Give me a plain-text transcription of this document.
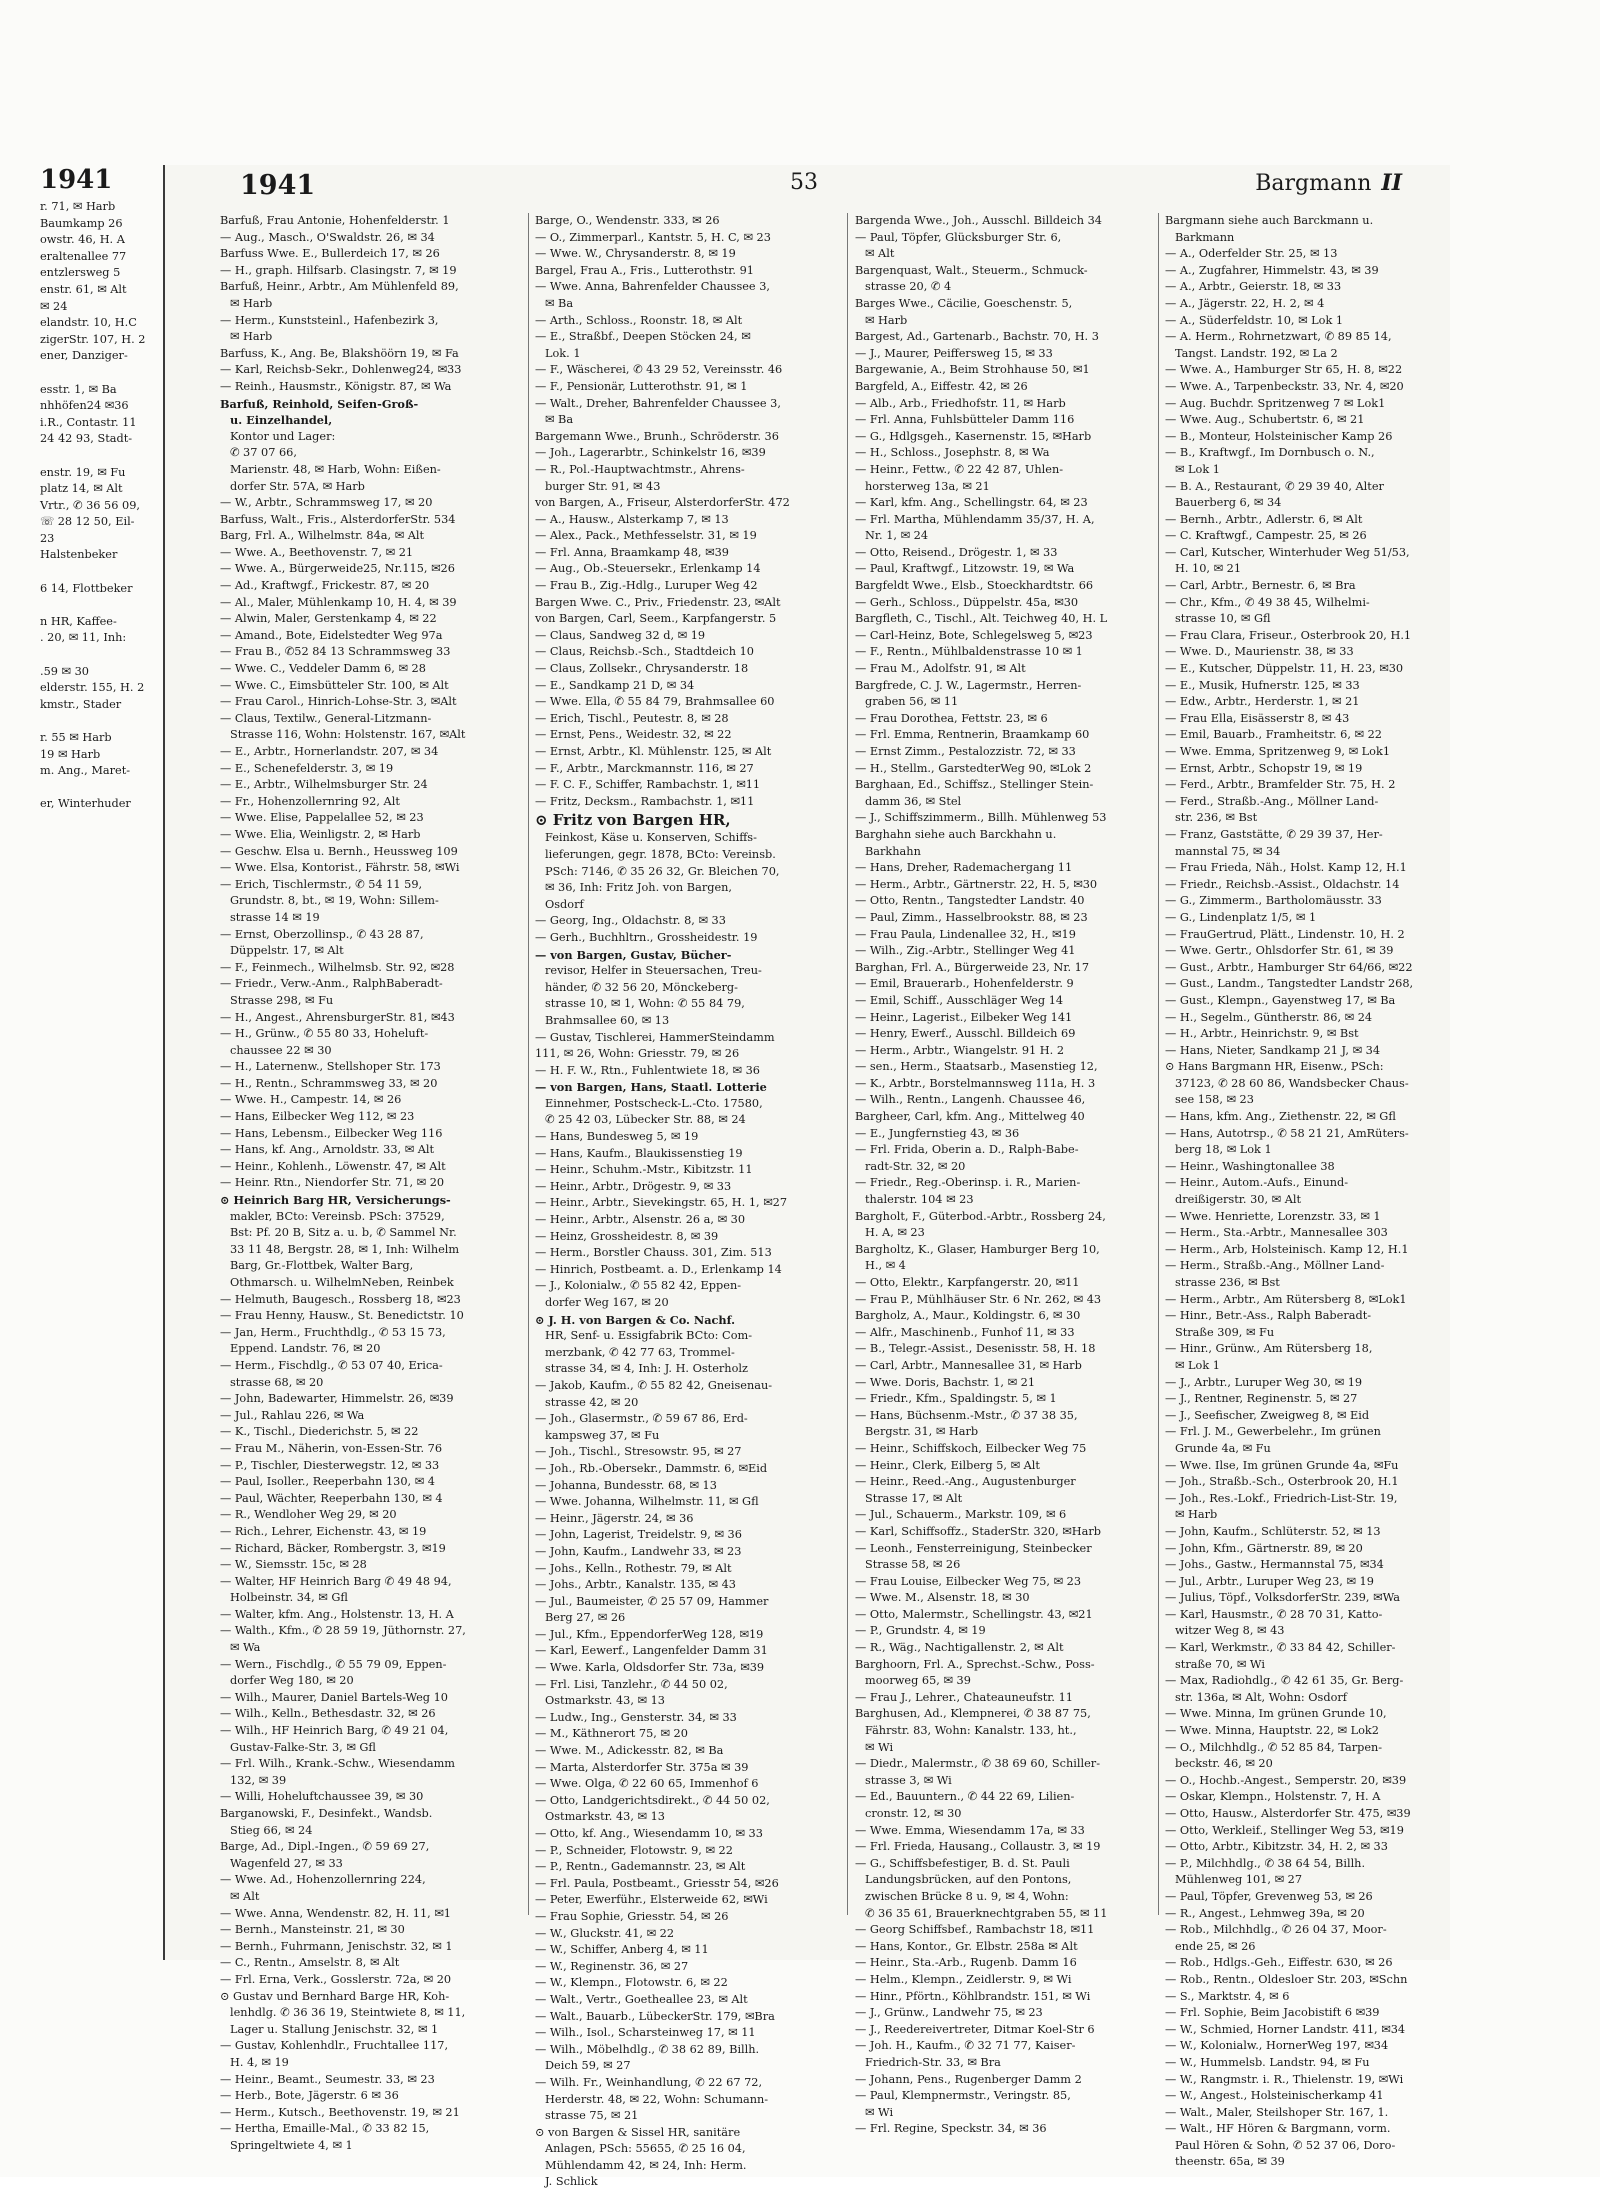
1941
r. 71, ✉ Harb
Baumkamp 26
owstr. 46, H. A
eraltenallee 77
entzlersweg 5
enstr. 61, ✉ Alt
✉ 24
elandstr. 10, H.C
zigerStr. 107, H. 2
ener, Danziger-

esstr. 1, ✉ Ba
nhhöfen24 ✉36
i.R., Contastr. 11
24 42 93, Stadt-

enstr. 19, ✉ Fu
platz 14, ✉ Alt
Vrtr., ✆ 36 56 09,
☏ 28 12 50, Eil-
23
Halstenbeker

6 14, Flottbeker

n HR, Kaffee-
. 20, ✉ 11, Inh:

.59 ✉ 30
elderstr. 155, H. 2
kmstr., Stader

r. 55 ✉ Harb
19 ✉ Harb
m. Ang., Maret-

er, Winterhuder
1941	53	Bargmann II
Barfuß, Frau Antonie, Hohenfelderstr. 1
— Aug., Masch., O'Swaldstr. 26, ✉ 34
Barfuss Wwe. E., Bullerdeich 17, ✉ 26
— H., graph. Hilfsarb. Clasingstr. 7, ✉ 19
Barfuß, Heinr., Arbtr., Am Mühlenfeld 89,
✉ Harb
— Herm., Kunststeinl., Hafenbezirk 3,
✉ Harb
Barfuss, K., Ang. Be, Blakshöörn 19, ✉ Fa
— Karl, Reichsb-Sekr., Dohlenweg24, ✉33
— Reinh., Hausmstr., Königstr. 87, ✉ Wa
Barfuß, Reinhold, Seifen-Groß-
u. Einzelhandel,
Kontor und Lager:
✆ 37 07 66,
Marienstr. 48, ✉ Harb, Wohn: Eißen-
dorfer Str. 57A, ✉ Harb
— W., Arbtr., Schrammsweg 17, ✉ 20
Barfuss, Walt., Fris., AlsterdorferStr. 534
Barg, Frl. A., Wilhelmstr. 84a, ✉ Alt
— Wwe. A., Beethovenstr. 7, ✉ 21
— Wwe. A., Bürgerweide25, Nr.115, ✉26
— Ad., Kraftwgf., Frickestr. 87, ✉ 20
— Al., Maler, Mühlenkamp 10, H. 4, ✉ 39
— Alwin, Maler, Gerstenkamp 4, ✉ 22
— Amand., Bote, Eidelstedter Weg 97a
— Frau B., ✆52 84 13 Schrammsweg 33
— Wwe. C., Veddeler Damm 6, ✉ 28
— Wwe. C., Eimsbütteler Str. 100, ✉ Alt
— Frau Carol., Hinrich-Lohse-Str. 3, ✉Alt
— Claus, Textilw., General-Litzmann-
Strasse 116, Wohn: Holstenstr. 167, ✉Alt
— E., Arbtr., Hornerlandstr. 207, ✉ 34
— E., Schenefelderstr. 3, ✉ 19
— E., Arbtr., Wilhelmsburger Str. 24
— Fr., Hohenzollernring 92, Alt
— Wwe. Elise, Pappelallee 52, ✉ 23
— Wwe. Elia, Weinligstr. 2, ✉ Harb
— Geschw. Elsa u. Bernh., Heussweg 109
— Wwe. Elsa, Kontorist., Fährstr. 58, ✉Wi
— Erich, Tischlermstr., ✆ 54 11 59,
Grundstr. 8, bt., ✉ 19, Wohn: Sillem-
strasse 14 ✉ 19
— Ernst, Oberzollinsp., ✆ 43 28 87,
Düppelstr. 17, ✉ Alt
— F., Feinmech., Wilhelmsb. Str. 92, ✉28
— Friedr., Verw.-Anm., RalphBaberadt-
Strasse 298, ✉ Fu
— H., Angest., AhrensburgerStr. 81, ✉43
— H., Grünw., ✆ 55 80 33, Hoheluft-
chaussee 22 ✉ 30
— H., Laternenw., Stellshoper Str. 173
— H., Rentn., Schrammsweg 33, ✉ 20
— Wwe. H., Campestr. 14, ✉ 26
— Hans, Eilbecker Weg 112, ✉ 23
— Hans, Lebensm., Eilbecker Weg 116
— Hans, kf. Ang., Arnoldstr. 33, ✉ Alt
— Heinr., Kohlenh., Löwenstr. 47, ✉ Alt
— Heinr. Rtn., Niendorfer Str. 71, ✉ 20
⊙ Heinrich Barg HR, Versicherungs-
makler, BCto: Vereinsb. PSch: 37529,
Bst: Pf. 20 B, Sitz a. u. b, ✆ Sammel Nr.
33 11 48, Bergstr. 28, ✉ 1, Inh: Wilhelm
Barg, Gr.-Flottbek, Walter Barg,
Othmarsch. u. WilhelmNeben, Reinbek
— Helmuth, Baugesch., Rossberg 18, ✉23
— Frau Henny, Hausw., St. Benedictstr. 10
— Jan, Herm., Fruchthdlg., ✆ 53 15 73,
Eppend. Landstr. 76, ✉ 20
— Herm., Fischdlg., ✆ 53 07 40, Erica-
strasse 68, ✉ 20
— John, Badewarter, Himmelstr. 26, ✉39
— Jul., Rahlau 226, ✉ Wa
— K., Tischl., Diederichstr. 5, ✉ 22
— Frau M., Näherin, von-Essen-Str. 76
— P., Tischler, Diesterwegstr. 12, ✉ 33
— Paul, Isoller., Reeperbahn 130, ✉ 4
— Paul, Wächter, Reeperbahn 130, ✉ 4
— R., Wendloher Weg 29, ✉ 20
— Rich., Lehrer, Eichenstr. 43, ✉ 19
— Richard, Bäcker, Rombergstr. 3, ✉19
— W., Siemsstr. 15c, ✉ 28
— Walter, HF Heinrich Barg ✆ 49 48 94,
Holbeinstr. 34, ✉ Gfl
— Walter, kfm. Ang., Holstenstr. 13, H. A
— Walth., Kfm., ✆ 28 59 19, Jüthornstr. 27,
✉ Wa
— Wern., Fischdlg., ✆ 55 79 09, Eppen-
dorfer Weg 180, ✉ 20
— Wilh., Maurer, Daniel Bartels-Weg 10
— Wilh., Kelln., Bethesdastr. 32, ✉ 26
— Wilh., HF Heinrich Barg, ✆ 49 21 04,
Gustav-Falke-Str. 3, ✉ Gfl
— Frl. Wilh., Krank.-Schw., Wiesendamm
132, ✉ 39
— Willi, Hoheluftchaussee 39, ✉ 30
Barganowski, F., Desinfekt., Wandsb.
Stieg 66, ✉ 24
Barge, Ad., Dipl.-Ingen., ✆ 59 69 27,
Wagenfeld 27, ✉ 33
— Wwe. Ad., Hohenzollernring 224,
✉ Alt
— Wwe. Anna, Wendenstr. 82, H. 11, ✉1
— Bernh., Mansteinstr. 21, ✉ 30
— Bernh., Fuhrmann, Jenischstr. 32, ✉ 1
— C., Rentn., Amselstr. 8, ✉ Alt
— Frl. Erna, Verk., Gosslerstr. 72a, ✉ 20
⊙ Gustav und Bernhard Barge HR, Koh-
lenhdlg. ✆ 36 36 19, Steintwiete 8, ✉ 11,
Lager u. Stallung Jenischstr. 32, ✉ 1
— Gustav, Kohlenhdlr., Fruchtallee 117,
H. 4, ✉ 19
— Heinr., Beamt., Seumestr. 33, ✉ 23
— Herb., Bote, Jägerstr. 6 ✉ 36
— Herm., Kutsch., Beethovenstr. 19, ✉ 21
— Hertha, Emaille-Mal., ✆ 33 82 15,
Springeltwiete 4, ✉ 1
Barge, O., Wendenstr. 333, ✉ 26
— O., Zimmerparl., Kantstr. 5, H. C, ✉ 23
— Wwe. W., Chrysanderstr. 8, ✉ 19
Bargel, Frau A., Fris., Lutterothstr. 91
— Wwe. Anna, Bahrenfelder Chaussee 3,
✉ Ba
— Arth., Schloss., Roonstr. 18, ✉ Alt
— E., Straßbf., Deepen Stöcken 24, ✉
Lok. 1
— F., Wäscherei, ✆ 43 29 52, Vereinsstr. 46
— F., Pensionär, Lutterothstr. 91, ✉ 1
— Walt., Dreher, Bahrenfelder Chaussee 3,
✉ Ba
Bargemann Wwe., Brunh., Schröderstr. 36
— Joh., Lagerarbtr., Schinkelstr 16, ✉39
— R., Pol.-Hauptwachtmstr., Ahrens-
burger Str. 91, ✉ 43
von Bargen, A., Friseur, AlsterdorferStr. 472
— A., Hausw., Alsterkamp 7, ✉ 13
— Alex., Pack., Methfesselstr. 31, ✉ 19
— Frl. Anna, Braamkamp 48, ✉39
— Aug., Ob.-Steuersekr., Erlenkamp 14
— Frau B., Zig.-Hdlg., Luruper Weg 42
Bargen Wwe. C., Priv., Friedenstr. 23, ✉Alt
von Bargen, Carl, Seem., Karpfangerstr. 5
— Claus, Sandweg 32 d, ✉ 19
— Claus, Reichsb.-Sch., Stadtdeich 10
— Claus, Zollsekr., Chrysanderstr. 18
— E., Sandkamp 21 D, ✉ 34
— Wwe. Ella, ✆ 55 84 79, Brahmsallee 60
— Erich, Tischl., Peutestr. 8, ✉ 28
— Ernst, Pens., Weidestr. 32, ✉ 22
— Ernst, Arbtr., Kl. Mühlenstr. 125, ✉ Alt
— F., Arbtr., Marckmannstr. 116, ✉ 27
— F. C. F., Schiffer, Rambachstr. 1, ✉11
— Fritz, Decksm., Rambachstr. 1, ✉11
⊙ Fritz von Bargen HR,
Feinkost, Käse u. Konserven, Schiffs-
lieferungen, gegr. 1878, BCto: Vereinsb.
PSch: 7146, ✆ 35 26 32, Gr. Bleichen 70,
✉ 36, Inh: Fritz Joh. von Bargen,
Osdorf
— Georg, Ing., Oldachstr. 8, ✉ 33
— Gerh., Buchhltrn., Grossheidestr. 19
— von Bargen, Gustav, Bücher-
revisor, Helfer in Steuersachen, Treu-
händer, ✆ 32 56 20, Mönckeberg-
strasse 10, ✉ 1, Wohn: ✆ 55 84 79,
Brahmsallee 60, ✉ 13
— Gustav, Tischlerei, HammerSteindamm
111, ✉ 26, Wohn: Griesstr. 79, ✉ 26
— H. F. W., Rtn., Fuhlentwiete 18, ✉ 36
— von Bargen, Hans, Staatl. Lotterie
Einnehmer, Postscheck-L.-Cto. 17580,
✆ 25 42 03, Lübecker Str. 88, ✉ 24
— Hans, Bundesweg 5, ✉ 19
— Hans, Kaufm., Blaukissenstieg 19
— Heinr., Schuhm.-Mstr., Kibitzstr. 11
— Heinr., Arbtr., Drögestr. 9, ✉ 33
— Heinr., Arbtr., Sievekingstr. 65, H. 1, ✉27
— Heinr., Arbtr., Alsenstr. 26 a, ✉ 30
— Heinz, Grossheidestr. 8, ✉ 39
— Herm., Borstler Chauss. 301, Zim. 513
— Hinrich, Postbeamt. a. D., Erlenkamp 14
— J., Kolonialw., ✆ 55 82 42, Eppen-
dorfer Weg 167, ✉ 20
⊙ J. H. von Bargen & Co. Nachf.
HR, Senf- u. Essigfabrik BCto: Com-
merzbank, ✆ 42 77 63, Trommel-
strasse 34, ✉ 4, Inh: J. H. Osterholz
— Jakob, Kaufm., ✆ 55 82 42, Gneisenau-
strasse 42, ✉ 20
— Joh., Glasermstr., ✆ 59 67 86, Erd-
kampsweg 37, ✉ Fu
— Joh., Tischl., Stresowstr. 95, ✉ 27
— Joh., Rb.-Obersekr., Dammstr. 6, ✉Eid
— Johanna, Bundesstr. 68, ✉ 13
— Wwe. Johanna, Wilhelmstr. 11, ✉ Gfl
— Heinr., Jägerstr. 24, ✉ 36
— John, Lagerist, Treidelstr. 9, ✉ 36
— John, Kaufm., Landwehr 33, ✉ 23
— Johs., Kelln., Rothestr. 79, ✉ Alt
— Johs., Arbtr., Kanalstr. 135, ✉ 43
— Jul., Baumeister, ✆ 25 57 09, Hammer
Berg 27, ✉ 26
— Jul., Kfm., EppendorferWeg 128, ✉19
— Karl, Eewerf., Langenfelder Damm 31
— Wwe. Karla, Oldsdorfer Str. 73a, ✉39
— Frl. Lisi, Tanzlehr., ✆ 44 50 02,
Ostmarkstr. 43, ✉ 13
— Ludw., Ing., Gensterstr. 34, ✉ 33
— M., Käthnerort 75, ✉ 20
— Wwe. M., Adickesstr. 82, ✉ Ba
— Marta, Alsterdorfer Str. 375a ✉ 39
— Wwe. Olga, ✆ 22 60 65, Immenhof 6
— Otto, Landgerichtsdirekt., ✆ 44 50 02,
Ostmarkstr. 43, ✉ 13
— Otto, kf. Ang., Wiesendamm 10, ✉ 33
— P., Schneider, Flotowstr. 9, ✉ 22
— P., Rentn., Gademannstr. 23, ✉ Alt
— Frl. Paula, Postbeamt., Griesstr 54, ✉26
— Peter, Ewerführ., Elsterweide 62, ✉Wi
— Frau Sophie, Griesstr. 54, ✉ 26
— W., Gluckstr. 41, ✉ 22
— W., Schiffer, Anberg 4, ✉ 11
— W., Reginenstr. 36, ✉ 27
— W., Klempn., Flotowstr. 6, ✉ 22
— Walt., Vertr., Goetheallee 23, ✉ Alt
— Walt., Bauarb., LübeckerStr. 179, ✉Bra
— Wilh., Isol., Scharsteinweg 17, ✉ 11
— Wilh., Möbelhdlg., ✆ 38 62 89, Billh.
Deich 59, ✉ 27
— Wilh. Fr., Weinhandlung, ✆ 22 67 72,
Herderstr. 48, ✉ 22, Wohn: Schumann-
strasse 75, ✉ 21
⊙ von Bargen & Sissel HR, sanitäre
Anlagen, PSch: 55655, ✆ 25 16 04,
Mühlendamm 42, ✉ 24, Inh: Herm.
J. Schlick
Bargenda Wwe., Joh., Ausschl. Billdeich 34
— Paul, Töpfer, Glücksburger Str. 6,
✉ Alt
Bargenquast, Walt., Steuerm., Schmuck-
strasse 20, ✆ 4
Barges Wwe., Cäcilie, Goeschenstr. 5,
✉ Harb
Bargest, Ad., Gartenarb., Bachstr. 70, H. 3
— J., Maurer, Peiffersweg 15, ✉ 33
Bargewanie, A., Beim Strohhause 50, ✉1
Bargfeld, A., Eiffestr. 42, ✉ 26
— Alb., Arb., Friedhofstr. 11, ✉ Harb
— Frl. Anna, Fuhlsbütteler Damm 116
— G., Hdlgsgeh., Kasernenstr. 15, ✉Harb
— H., Schloss., Josephstr. 8, ✉ Wa
— Heinr., Fettw., ✆ 22 42 87, Uhlen-
horsterweg 13a, ✉ 21
— Karl, kfm. Ang., Schellingstr. 64, ✉ 23
— Frl. Martha, Mühlendamm 35/37, H. A,
Nr. 1, ✉ 24
— Otto, Reisend., Drögestr. 1, ✉ 33
— Paul, Kraftwgf., Litzowstr. 19, ✉ Wa
Bargfeldt Wwe., Elsb., Stoeckhardtstr. 66
— Gerh., Schloss., Düppelstr. 45a, ✉30
Bargfleth, C., Tischl., Alt. Teichweg 40, H. L
— Carl-Heinz, Bote, Schlegelsweg 5, ✉23
— F., Rentn., Mühlbaldenstrasse 10 ✉ 1
— Frau M., Adolfstr. 91, ✉ Alt
Bargfrede, C. J. W., Lagermstr., Herren-
graben 56, ✉ 11
— Frau Dorothea, Fettstr. 23, ✉ 6
— Frl. Emma, Rentnerin, Braamkamp 60
— Ernst Zimm., Pestalozzistr. 72, ✉ 33
— H., Stellm., GarstedterWeg 90, ✉Lok 2
Barghaan, Ed., Schiffsz., Stellinger Stein-
damm 36, ✉ Stel
— J., Schiffszimmerm., Billh. Mühlenweg 53
Barghahn siehe auch Barckhahn u.
Barkhahn
— Hans, Dreher, Rademachergang 11
— Herm., Arbtr., Gärtnerstr. 22, H. 5, ✉30
— Otto, Rentn., Tangstedter Landstr. 40
— Paul, Zimm., Hasselbrookstr. 88, ✉ 23
— Frau Paula, Lindenallee 32, H., ✉19
— Wilh., Zig.-Arbtr., Stellinger Weg 41
Barghan, Frl. A., Bürgerweide 23, Nr. 17
— Emil, Brauerarb., Hohenfelderstr. 9
— Emil, Schiff., Ausschläger Weg 14
— Heinr., Lagerist., Eilbeker Weg 141
— Henry, Ewerf., Ausschl. Billdeich 69
— Herm., Arbtr., Wiangelstr. 91 H. 2
— sen., Herm., Staatsarb., Masenstieg 12,
— K., Arbtr., Borstelmannsweg 111a, H. 3
— Wilh., Rentn., Langenh. Chaussee 46,
Bargheer, Carl, kfm. Ang., Mittelweg 40
— E., Jungfernstieg 43, ✉ 36
— Frl. Frida, Oberin a. D., Ralph-Babe-
radt-Str. 32, ✉ 20
— Friedr., Reg.-Oberinsp. i. R., Marien-
thalerstr. 104 ✉ 23
Bargholt, F., Güterbod.-Arbtr., Rossberg 24,
H. A, ✉ 23
Bargholtz, K., Glaser, Hamburger Berg 10,
H., ✉ 4
— Otto, Elektr., Karpfangerstr. 20, ✉11
— Frau P., Mühlhäuser Str. 6 Nr. 262, ✉ 43
Bargholz, A., Maur., Koldingstr. 6, ✉ 30
— Alfr., Maschinenb., Funhof 11, ✉ 33
— B., Telegr.-Assist., Desenisstr. 58, H. 18
— Carl, Arbtr., Mannesallee 31, ✉ Harb
— Wwe. Doris, Bachstr. 1, ✉ 21
— Friedr., Kfm., Spaldingstr. 5, ✉ 1
— Hans, Büchsenm.-Mstr., ✆ 37 38 35,
Bergstr. 31, ✉ Harb
— Heinr., Schiffskoch, Eilbecker Weg 75
— Heinr., Clerk, Eilberg 5, ✉ Alt
— Heinr., Reed.-Ang., Augustenburger
Strasse 17, ✉ Alt
— Jul., Schauerm., Markstr. 109, ✉ 6
— Karl, Schiffsoffz., StaderStr. 320, ✉Harb
— Leonh., Fensterreinigung, Steinbecker
Strasse 58, ✉ 26
— Frau Louise, Eilbecker Weg 75, ✉ 23
— Wwe. M., Alsenstr. 18, ✉ 30
— Otto, Malermstr., Schellingstr. 43, ✉21
— P., Grundstr. 4, ✉ 19
— R., Wäg., Nachtigallenstr. 2, ✉ Alt
Barghoorn, Frl. A., Sprechst.-Schw., Poss-
moorweg 65, ✉ 39
— Frau J., Lehrer., Chateauneufstr. 11
Barghusen, Ad., Klempnerei, ✆ 38 87 75,
Fährstr. 83, Wohn: Kanalstr. 133, ht.,
✉ Wi
— Diedr., Malermstr., ✆ 38 69 60, Schiller-
strasse 3, ✉ Wi
— Ed., Bauuntern., ✆ 44 22 69, Lilien-
cronstr. 12, ✉ 30
— Wwe. Emma, Wiesendamm 17a, ✉ 33
— Frl. Frieda, Hausang., Collaustr. 3, ✉ 19
— G., Schiffsbefestiger, B. d. St. Pauli
Landungsbrücken, auf den Pontons,
zwischen Brücke 8 u. 9, ✉ 4, Wohn:
✆ 36 35 61, Brauerknechtgraben 55, ✉ 11
— Georg Schiffsbef., Rambachstr 18, ✉11
— Hans, Kontor., Gr. Elbstr. 258a ✉ Alt
— Heinr., Sta.-Arb., Rugenb. Damm 16
— Helm., Klempn., Zeidlerstr. 9, ✉ Wi
— Hinr., Pförtn., Köhlbrandstr. 151, ✉ Wi
— J., Grünw., Landwehr 75, ✉ 23
— J., Reedereivertreter, Ditmar Koel-Str 6
— Joh. H., Kaufm., ✆ 32 71 77, Kaiser-
Friedrich-Str. 33, ✉ Bra
— Johann, Pens., Rugenberger Damm 2
— Paul, Klempnermstr., Veringstr. 85,
✉ Wi
— Frl. Regine, Speckstr. 34, ✉ 36
Bargmann siehe auch Barckmann u.
Barkmann
— A., Oderfelder Str. 25, ✉ 13
— A., Zugfahrer, Himmelstr. 43, ✉ 39
— A., Arbtr., Geierstr. 18, ✉ 33
— A., Jägerstr. 22, H. 2, ✉ 4
— A., Süderfeldstr. 10, ✉ Lok 1
— A. Herm., Rohrnetzwart, ✆ 89 85 14,
Tangst. Landstr. 192, ✉ La 2
— Wwe. A., Hamburger Str 65, H. 8, ✉22
— Wwe. A., Tarpenbeckstr. 33, Nr. 4, ✉20
— Aug. Buchdr. Spritzenweg 7 ✉ Lok1
— Wwe. Aug., Schubertstr. 6, ✉ 21
— B., Monteur, Holsteinischer Kamp 26
— B., Kraftwgf., Im Dornbusch o. N.,
✉ Lok 1
— B. A., Restaurant, ✆ 29 39 40, Alter
Bauerberg 6, ✉ 34
— Bernh., Arbtr., Adlerstr. 6, ✉ Alt
— C. Kraftwgf., Campestr. 25, ✉ 26
— Carl, Kutscher, Winterhuder Weg 51/53,
H. 10, ✉ 21
— Carl, Arbtr., Bernestr. 6, ✉ Bra
— Chr., Kfm., ✆ 49 38 45, Wilhelmi-
strasse 10, ✉ Gfl
— Frau Clara, Friseur., Osterbrook 20, H.1
— Wwe. D., Maurienstr. 38, ✉ 33
— E., Kutscher, Düppelstr. 11, H. 23, ✉30
— E., Musik, Hufnerstr. 125, ✉ 33
— Edw., Arbtr., Herderstr. 1, ✉ 21
— Frau Ella, Eisässerstr 8, ✉ 43
— Emil, Bauarb., Framheitstr. 6, ✉ 22
— Wwe. Emma, Spritzenweg 9, ✉ Lok1
— Ernst, Arbtr., Schopstr 19, ✉ 19
— Ferd., Arbtr., Bramfelder Str. 75, H. 2
— Ferd., Straßb.-Ang., Möllner Land-
str. 236, ✉ Bst
— Franz, Gaststätte, ✆ 29 39 37, Her-
mannstal 75, ✉ 34
— Frau Frieda, Näh., Holst. Kamp 12, H.1
— Friedr., Reichsb.-Assist., Oldachstr. 14
— G., Zimmerm., Bartholomäusstr. 33
— G., Lindenplatz 1/5, ✉ 1
— FrauGertrud, Plätt., Lindenstr. 10, H. 2
— Wwe. Gertr., Ohlsdorfer Str. 61, ✉ 39
— Gust., Arbtr., Hamburger Str 64/66, ✉22
— Gust., Landm., Tangstedter Landstr 268,
— Gust., Klempn., Gayenstweg 17, ✉ Ba
— H., Segelm., Güntherstr. 86, ✉ 24
— H., Arbtr., Heinrichstr. 9, ✉ Bst
— Hans, Nieter, Sandkamp 21 J, ✉ 34
⊙ Hans Bargmann HR, Eisenw., PSch:
37123, ✆ 28 60 86, Wandsbecker Chaus-
see 158, ✉ 23
— Hans, kfm. Ang., Ziethenstr. 22, ✉ Gfl
— Hans, Autotrsp., ✆ 58 21 21, AmRüters-
berg 18, ✉ Lok 1
— Heinr., Washingtonallee 38
— Heinr., Autom.-Aufs., Einund-
dreißigerstr. 30, ✉ Alt
— Wwe. Henriette, Lorenzstr. 33, ✉ 1
— Herm., Sta.-Arbtr., Mannesallee 303
— Herm., Arb, Holsteinisch. Kamp 12, H.1
— Herm., Straßb.-Ang., Möllner Land-
strasse 236, ✉ Bst
— Herm., Arbtr., Am Rütersberg 8, ✉Lok1
— Hinr., Betr.-Ass., Ralph Baberadt-
Straße 309, ✉ Fu
— Hinr., Grünw., Am Rütersberg 18,
✉ Lok 1
— J., Arbtr., Luruper Weg 30, ✉ 19
— J., Rentner, Reginenstr. 5, ✉ 27
— J., Seefischer, Zweigweg 8, ✉ Eid
— Frl. J. M., Gewerbelehr., Im grünen
Grunde 4a, ✉ Fu
— Wwe. Ilse, Im grünen Grunde 4a, ✉Fu
— Joh., Straßb.-Sch., Osterbrook 20, H.1
— Joh., Res.-Lokf., Friedrich-List-Str. 19,
✉ Harb
— John, Kaufm., Schlüterstr. 52, ✉ 13
— John, Kfm., Gärtnerstr. 89, ✉ 20
— Johs., Gastw., Hermannstal 75, ✉34
— Jul., Arbtr., Luruper Weg 23, ✉ 19
— Julius, Töpf., VolksdorferStr. 239, ✉Wa
— Karl, Hausmstr., ✆ 28 70 31, Katto-
witzer Weg 8, ✉ 43
— Karl, Werkmstr., ✆ 33 84 42, Schiller-
straße 70, ✉ Wi
— Max, Radiohdlg., ✆ 42 61 35, Gr. Berg-
str. 136a, ✉ Alt, Wohn: Osdorf
— Wwe. Minna, Im grünen Grunde 10,
— Wwe. Minna, Hauptstr. 22, ✉ Lok2
— O., Milchhdlg., ✆ 52 85 84, Tarpen-
beckstr. 46, ✉ 20
— O., Hochb.-Angest., Semperstr. 20, ✉39
— Oskar, Klempn., Holstenstr. 7, H. A
— Otto, Hausw., Alsterdorfer Str. 475, ✉39
— Otto, Werkleif., Stellinger Weg 53, ✉19
— Otto, Arbtr., Kibitzstr. 34, H. 2, ✉ 33
— P., Milchhdlg., ✆ 38 64 54, Billh.
Mühlenweg 101, ✉ 27
— Paul, Töpfer, Grevenweg 53, ✉ 26
— R., Angest., Lehmweg 39a, ✉ 20
— Rob., Milchhdlg., ✆ 26 04 37, Moor-
ende 25, ✉ 26
— Rob., Hdlgs.-Geh., Eiffestr. 630, ✉ 26
— Rob., Rentn., Oldesloer Str. 203, ✉Schn
— S., Marktstr. 4, ✉ 6
— Frl. Sophie, Beim Jacobistift 6 ✉39
— W., Schmied, Horner Landstr. 411, ✉34
— W., Kolonialw., HornerWeg 197, ✉34
— W., Hummelsb. Landstr. 94, ✉ Fu
— W., Rangmstr. i. R., Thielenstr. 19, ✉Wi
— W., Angest., Holsteinischerkamp 41
— Walt., Maler, Steilshoper Str. 167, 1.
— Walt., HF Hören & Bargmann, vorm.
Paul Hören & Sohn, ✆ 52 37 06, Doro-
theenstr. 65a, ✉ 39
